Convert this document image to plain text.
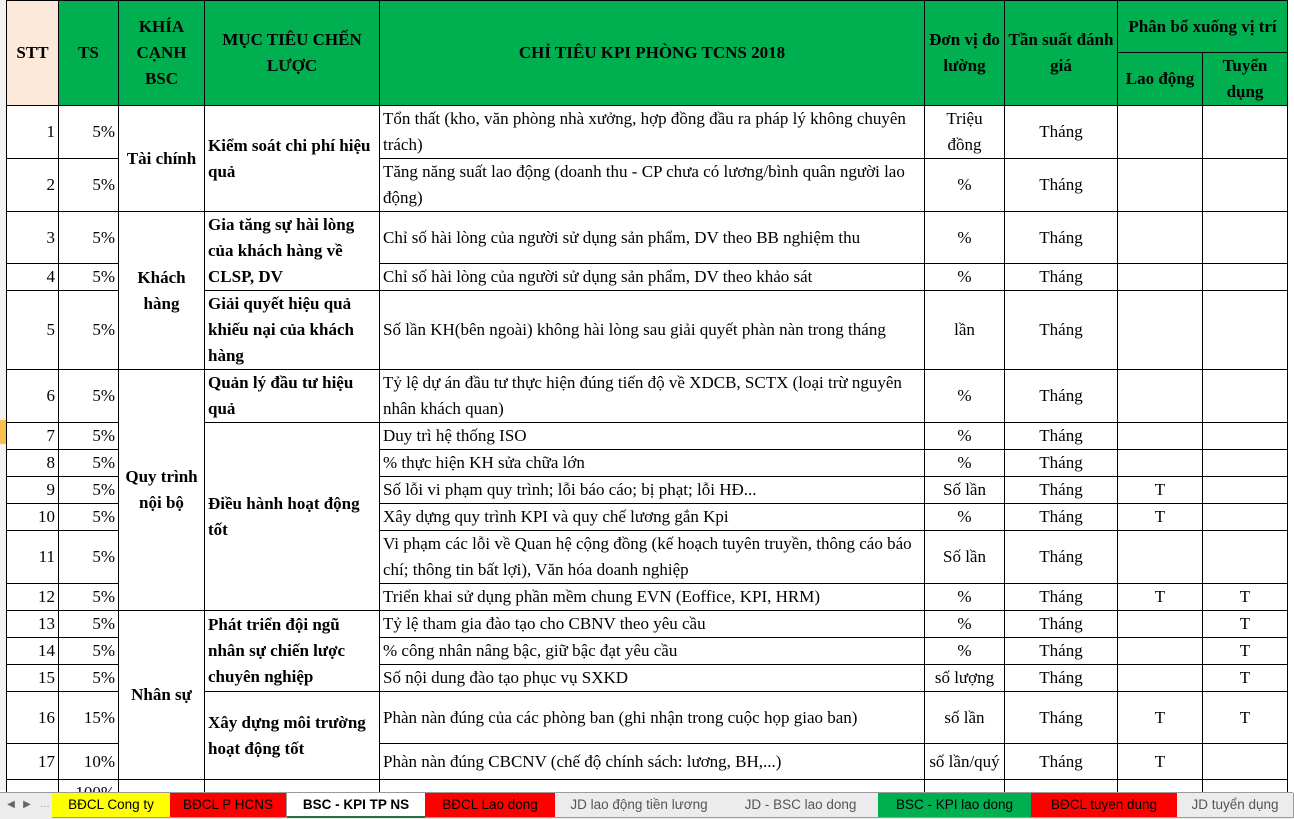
STT	TS	KHÍA CẠNH BSC	MỤC TIÊU CHẾN LƯỢC	CHỈ TIÊU KPI PHÒNG TCNS 2018	Đơn vị đo lường	Tần suất đánh giá	Phân bổ xuống vị trí	
							Lao động	Tuyển dụng
1	5%	Tài chính	Kiểm soát chi phí hiệu quả	Tổn thất (kho, văn phòng nhà xưởng, hợp đồng đầu ra pháp lý không chuyên trách)	Triệu đồng	Tháng		
2	5%			Tăng năng suất lao động (doanh thu - CP chưa có lương/bình quân người lao động)	%	Tháng		
3	5%	Khách hàng	Gia tăng sự hài lòng của khách hàng về CLSP, DV	Chỉ số hài lòng của người sử dụng sản phẩm, DV theo BB nghiệm thu	%	Tháng		
4	5%			Chỉ số hài lòng của người sử dụng sản phẩm, DV theo khảo sát	%	Tháng		
5	5%		Giải quyết hiệu quả khiếu nại của khách hàng	Số lần KH(bên ngoài) không hài lòng sau giải quyết phàn nàn trong tháng	lần	Tháng		
6	5%	Quy trình nội bộ	Quản lý đầu tư hiệu quả	Tỷ lệ dự án đầu tư thực hiện đúng tiến độ về XDCB, SCTX (loại trừ nguyên nhân khách quan)	%	Tháng		
7	5%		Điều hành hoạt động tốt	Duy trì hệ thống ISO	%	Tháng		
8	5%			% thực hiện KH sửa chữa lớn	%	Tháng		
9	5%			Số lỗi vi phạm quy trình; lỗi báo cáo; bị phạt; lỗi HĐ...	Số lần	Tháng	T	
10	5%			Xây dựng quy trình KPI và quy chế lương gắn Kpi	%	Tháng	T	
11	5%			Vi phạm các lỗi về Quan hệ cộng đồng (kế hoạch tuyên truyền, thông cáo báo chí; thông tin bất lợi), Văn hóa doanh nghiệp	Số lần	Tháng		
12	5%			Triển khai sử dụng phần mềm chung EVN (Eoffice, KPI, HRM)	%	Tháng	T	T
13	5%	Nhân sự	Phát triển đội ngũ nhân sự chiến lược chuyên nghiệp	Tỷ lệ tham gia đào tạo cho CBNV theo yêu cầu	%	Tháng		T
14	5%			% công nhân nâng bậc, giữ bậc đạt yêu cầu	%	Tháng		T
15	5%			Số nội dung đào tạo phục vụ SXKD	số lượng	Tháng		T
16	15%		Xây dựng môi trường hoạt động tốt	Phàn nàn đúng của các phòng ban (ghi nhận trong cuộc họp giao ban)	số lần	Tháng	T	T
17	10%			Phàn nàn đúng CBCNV (chế độ chính sách: lương, BH,...)	số lần/quý	Tháng	T	

◀ ▶ …	BĐCL Cong ty	BĐCL P HCNS	BSC - KPI TP NS	BĐCL Lao dong	JD lao động tiền lương	JD - BSC lao dong	BSC - KPI lao dong	BĐCL tuyen dung	JD tuyển dụng
